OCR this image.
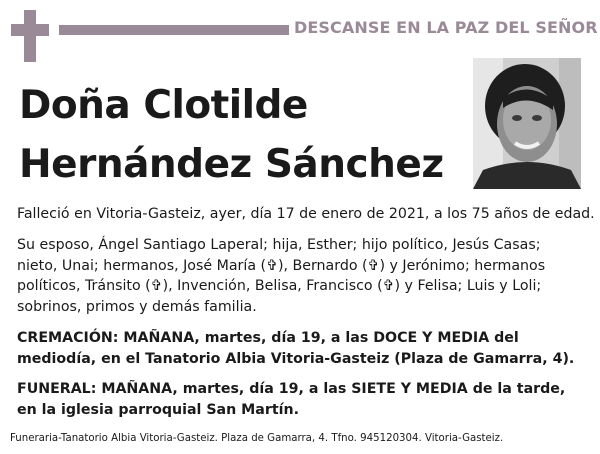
DESCANSE EN LA PAZ DEL SEÑOR
Doña Clotilde
Hernández Sánchez
Falleció en Vitoria-Gasteiz, ayer, día 17 de enero de 2021, a los 75 años de edad.
Su esposo, Ángel Santiago Laperal; hija, Esther; hijo político, Jesús Casas; nieto, Unai; hermanos, José María (✞), Bernardo (✞) y Jerónimo; hermanos políticos, Tránsito (✞), Invención, Belisa, Francisco (✞) y Felisa; Luis y Loli; sobrinos, primos y demás familia.
CREMACIÓN: MAÑANA, martes, día 19, a las DOCE Y MEDIA del mediodía, en el Tanatorio Albia Vitoria-Gasteiz (Plaza de Gamarra, 4).
FUNERAL: MAÑANA, martes, día 19, a las SIETE Y MEDIA de la tarde, en la iglesia parroquial San Martín.
Funeraria-Tanatorio Albia Vitoria-Gasteiz. Plaza de Gamarra, 4. Tfno. 945120304. Vitoria-Gasteiz.
